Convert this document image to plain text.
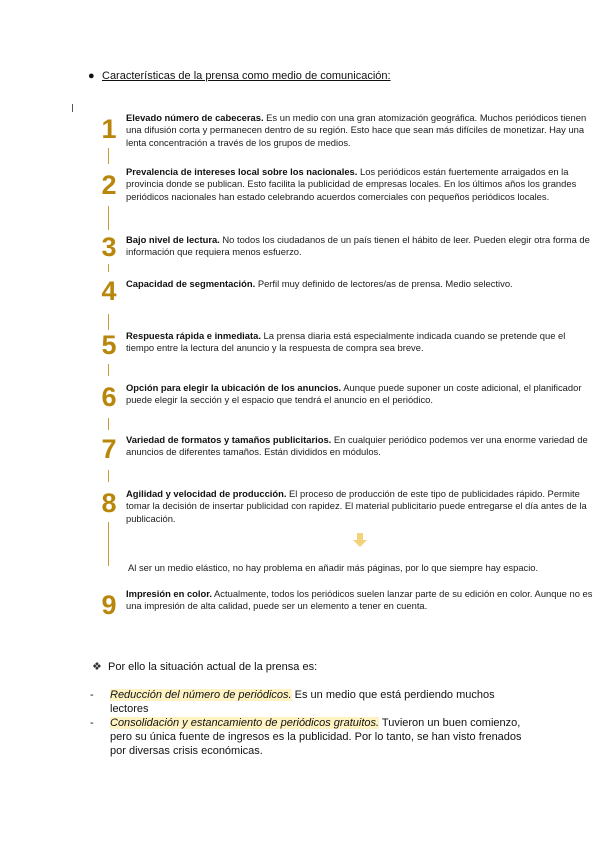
● Características de la prensa como medio de comunicación:
1	Elevado número de cabeceras. Es un medio con una gran atomización geográfica. Muchos periódicos tienen una difusión corta y permanecen dentro de su región. Esto hace que sean más difíciles de monetizar. Hay una lenta concentración a través de los grupos de medios.
2	Prevalencia de intereses local sobre los nacionales. Los periódicos están fuertemente arraigados en la provincia donde se publican. Esto facilita la publicidad de empresas locales. En los últimos años los grandes periódicos nacionales han estado celebrando acuerdos comerciales con pequeños periódicos locales.
3	Bajo nivel de lectura. No todos los ciudadanos de un país tienen el hábito de leer. Pueden elegir otra forma de información que requiera menos esfuerzo.
4	Capacidad de segmentación. Perfil muy definido de lectores/as de prensa. Medio selectivo.
5	Respuesta rápida e inmediata. La prensa diaria está especialmente indicada cuando se pretende que el tiempo entre la lectura del anuncio y la respuesta de compra sea breve.
6	Opción para elegir la ubicación de los anuncios. Aunque puede suponer un coste adicional, el planificador puede elegir la sección y el espacio que tendrá el anuncio en el periódico.
7	Variedad de formatos y tamaños publicitarios. En cualquier periódico podemos ver una enorme variedad de anuncios de diferentes tamaños. Están divididos en módulos.
8	Agilidad y velocidad de producción. El proceso de producción de este tipo de publicidades rápido. Permite tomar la decisión de insertar publicidad con rapidez. El material publicitario puede entregarse el día antes de la publicación.
Al ser un medio elástico, no hay problema en añadir más páginas, por lo que siempre hay espacio.
9	Impresión en color. Actualmente, todos los periódicos suelen lanzar parte de su edición en color. Aunque no es una impresión de alta calidad, puede ser un elemento a tener en cuenta.
❖ Por ello la situación actual de la prensa es:
- Reducción del número de periódicos. Es un medio que está perdiendo muchos lectores
- Consolidación y estancamiento de periódicos gratuitos. Tuvieron un buen comienzo, pero su única fuente de ingresos es la publicidad. Por lo tanto, se han visto frenados por diversas crisis económicas.
